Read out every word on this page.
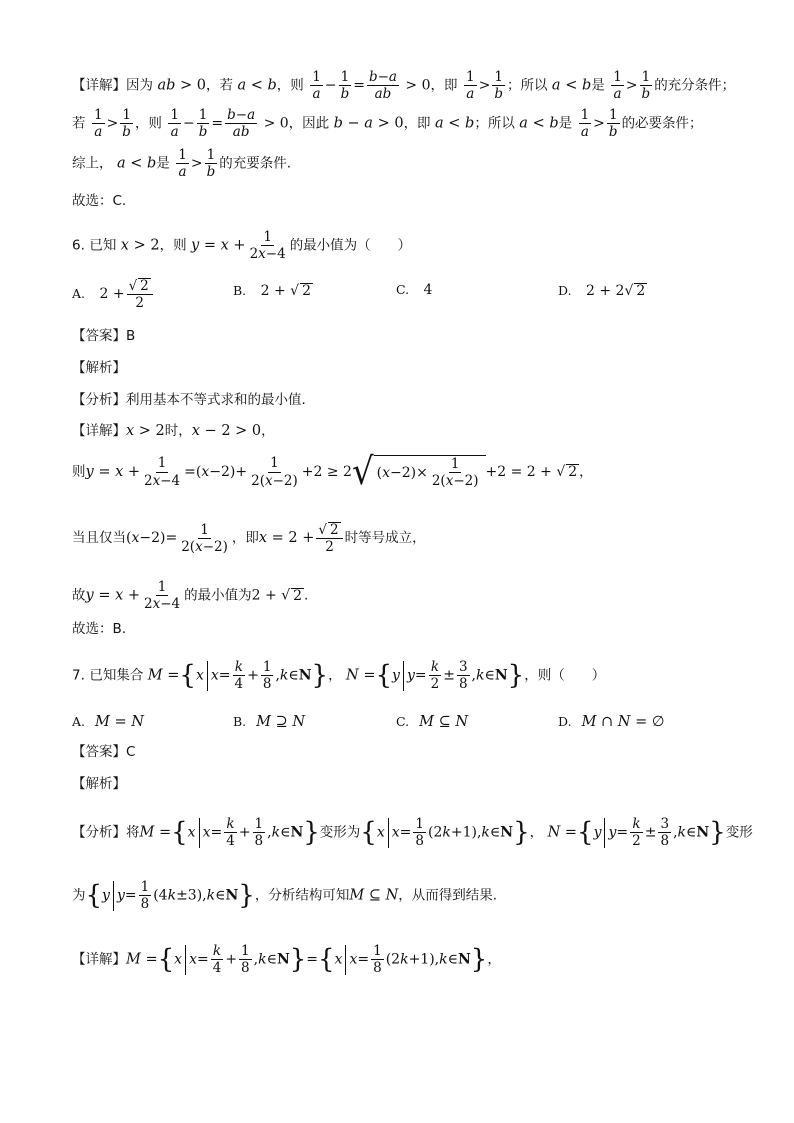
【详解】因为 ab > 0，若 a < b，则 $\frac{1}{a} - \frac{1}{b} = \frac{b-a}{ab} > 0$，即 $\frac{1}{a} > \frac{1}{b}$ ；所以 a < b是 $\frac{1}{a} > \frac{1}{b}$ 的充分条件；
若 $\frac{1}{a} > \frac{1}{b}$ ，则 $\frac{1}{a} - \frac{1}{b} = \frac{b-a}{ab} > 0$，因此 b − a > 0，即 a < b；所以 a < b是 $\frac{1}{a} > \frac{1}{b}$ 的必要条件；
综上， a < b是 $\frac{1}{a} > \frac{1}{b}$ 的充要条件.
故选：C.
6. 已知 x > 2，则 $y = x + \frac{1}{2x-4}$ 的最小值为（　　）
A. $2 + \frac{√ 2}{2}$	B. 2 + √ 2	C. 4	D. 2 + 2√ 2
【答案】B
【解析】
【分析】利用基本不等式求和的最小值.
【详解】x > 2时，x − 2 > 0，
则$y = x + \frac{1}{2x-4} =(x-2)+ \frac{1}{2(x-2)} +2 \ge 2$ √ ( $x -2)\times \frac{1}{2(x-2)} +2 = 2$ + √ 2 ，
当且仅当$(x-2)= \frac{1}{2(x-2)}$ ，即$x = 2 + \frac{√ 2}{2}$ 时等号成立，
故$y = x + \frac{1}{2x-4}$ 的最小值为2 + √ 2 .
故选：B.
7. 已知集合 M ={x $x= \frac{k}{4} + \frac{1}{8}$ ,k∈N}， N ={y $y= \frac{k}{2} \pm \frac{3}{8}$ ,k∈N}，则（　　）
A. M = N	B. M ⊇ N	C. M ⊆ N	D. M ∩ N = ∅
【答案】C
【解析】
【分析】将M ={x $x= \frac{k}{4} + \frac{1}{8}$ ,k∈N}变形为{x $x= \frac{1}{8}$ (2k+1),k∈N}， N ={y $y= \frac{k}{2} \pm \frac{3}{8}$ ,k∈N}变形
为{y $y= \frac{1}{8}$ (4k±3),k∈N}，分析结构可知M ⊆ N，从而得到结果.
【详解】M ={x $x= \frac{k}{4} + \frac{1}{8}$ ,k∈N}={x $x= \frac{1}{8}$ (2k+1),k∈N}，
